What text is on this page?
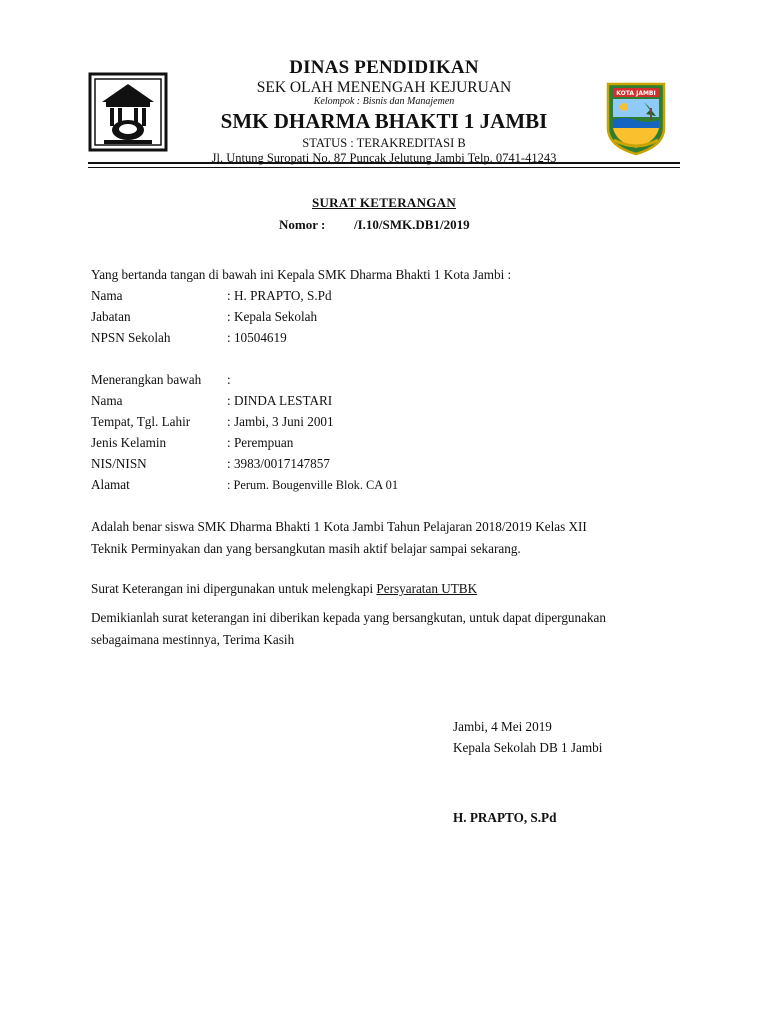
DINAS PENDIDIKAN
SEK OLAH MENENGAH KEJURUAN
Kelompok : Bisnis dan Manajemen
SMK DHARMA BHAKTI 1 JAMBI
STATUS : TERAKREDITASI B
Jl. Untung Suropati No. 87 Puncak Jelutung Jambi Telp. 0741-41243
KOTA JAMBI
SURAT KETERANGAN
Nomor : /I.10/SMK.DB1/2019
Yang bertanda tangan di bawah ini Kepala SMK Dharma Bhakti 1 Kota Jambi :
Nama	: H. PRAPTO, S.Pd
Jabatan	: Kepala Sekolah
NPSN Sekolah	: 10504619
Menerangkan bawah :
Nama	: DINDA LESTARI
Tempat, Tgl. Lahir	: Jambi, 3 Juni 2001
Jenis Kelamin	: Perempuan
NIS/NISN	: 3983/0017147857
Alamat	: Perum. Bougenville Blok. CA 01
Adalah benar siswa SMK Dharma Bhakti 1 Kota Jambi Tahun Pelajaran 2018/2019 Kelas XII
Teknik Perminyakan dan yang bersangkutan masih aktif belajar sampai sekarang.
Surat Keterangan ini dipergunakan untuk melengkapi Persyaratan UTBK
Demikianlah surat keterangan ini diberikan kepada yang bersangkutan, untuk dapat dipergunakan
sebagaimana mestinnya, Terima Kasih
Jambi, 4 Mei 2019
Kepala Sekolah DB 1 Jambi
H. PRAPTO, S.Pd
